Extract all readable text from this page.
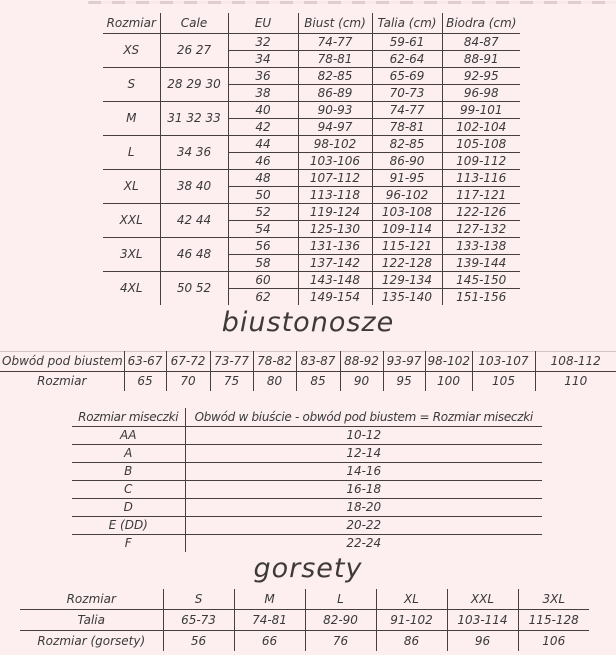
Rozmiar	Cale	EU	Biust (cm)	Talia (cm)	Biodra (cm)
XS	26 27	32	74-77	59-61	84-87
		34	78-81	62-64	88-91
S	28 29 30	36	82-85	65-69	92-95
		38	86-89	70-73	96-98
M	31 32 33	40	90-93	74-77	99-101
		42	94-97	78-81	102-104
L	34 36	44	98-102	82-85	105-108
		46	103-106	86-90	109-112
XL	38 40	48	107-112	91-95	113-116
		50	113-118	96-102	117-121
XXL	42 44	52	119-124	103-108	122-126
		54	125-130	109-114	127-132
3XL	46 48	56	131-136	115-121	133-138
		58	137-142	122-128	139-144
4XL	50 52	60	143-148	129-134	145-150
		62	149-154	135-140	151-156
biustonosze
Obwód pod biustem	63-67	67-72	73-77	78-82	83-87	88-92	93-97	98-102	103-107	108-112
Rozmiar	65	70	75	80	85	90	95	100	105	110
Rozmiar miseczki	Obwód w biuście - obwód pod biustem = Rozmiar miseczki
AA	10-12
A	12-14
B	14-16
C	16-18
D	18-20
E (DD)	20-22
F	22-24
gorsety
Rozmiar	S	M	L	XL	XXL	3XL
Talia	65-73	74-81	82-90	91-102	103-114	115-128
Rozmiar (gorsety)	56	66	76	86	96	106
